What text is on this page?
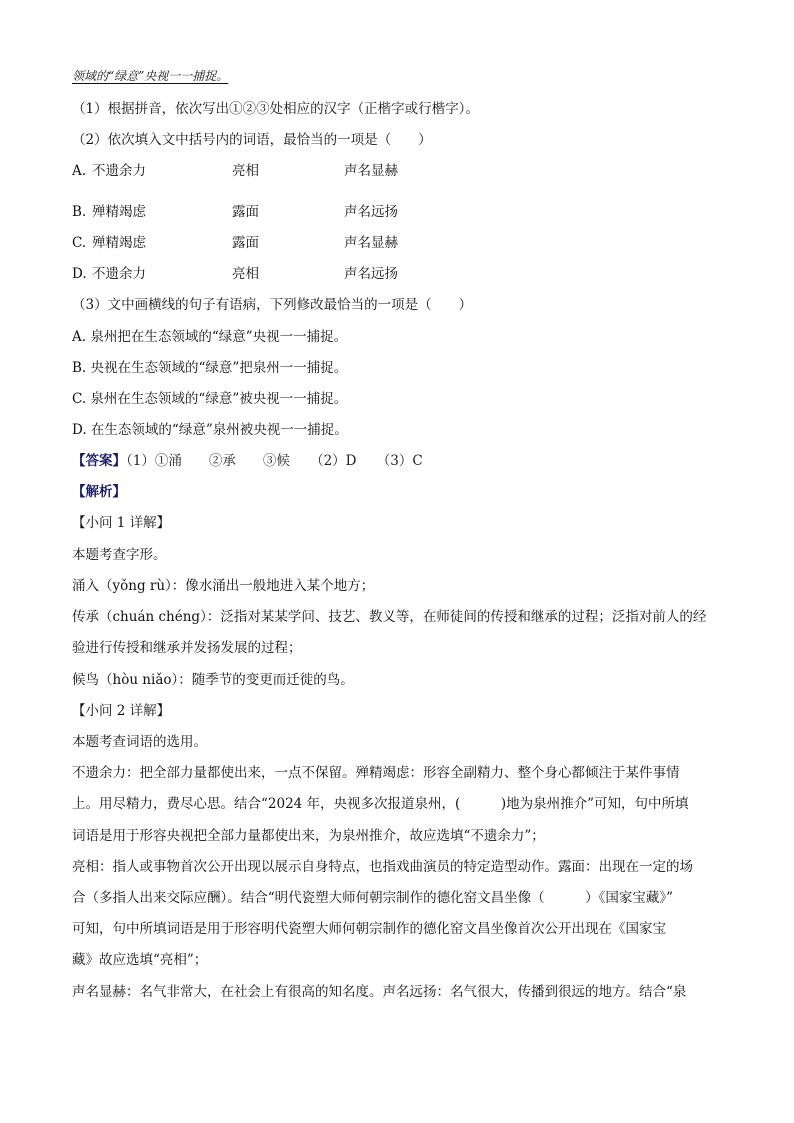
领域的“绿意”央视一一捕捉。
（1）根据拼音，依次写出①②③处相应的汉字（正楷字或行楷字）。
（2）依次填入文中括号内的词语，最恰当的一项是（　　）
A. 不遗余力	亮相	声名显赫
B. 殚精竭虑	露面	声名远扬
C. 殚精竭虑	露面	声名显赫
D. 不遗余力	亮相	声名远扬
（3）文中画横线的句子有语病，下列修改最恰当的一项是（　　）
A. 泉州把在生态领域的“绿意”央视一一捕捉。
B. 央视在生态领域的“绿意”把泉州一一捕捉。
C. 泉州在生态领域的“绿意”被央视一一捕捉。
D. 在生态领域的“绿意”泉州被央视一一捕捉。
【答案】（1）①涌　　②承　　③候　　（2）D　　（3）C
【解析】
【小问 1 详解】
本题考查字形。
涌入（yǒng rù）：像水涌出一般地进入某个地方；
传承（chuán chéng）：泛指对某某学问、技艺、教义等，在师徒间的传授和继承的过程；泛指对前人的经
验进行传授和继承并发扬发展的过程；
候鸟（hòu niǎo）：随季节的变更而迁徙的鸟。
【小问 2 详解】
本题考查词语的选用。
不遗余力：把全部力量都使出来，一点不保留。殚精竭虑：形容全副精力、整个身心都倾注于某件事情
上。用尽精力，费尽心思。结合“2024 年，央视多次报道泉州，(　　　)地为泉州推介”可知，句中所填
词语是用于形容央视把全部力量都使出来，为泉州推介，故应选填“不遗余力”；
亮相：指人或事物首次公开出现以展示自身特点，也指戏曲演员的特定造型动作。露面：出现在一定的场
合（多指人出来交际应酬）。结合“明代瓷塑大师何朝宗制作的德化窑文昌坐像（　　　）《国家宝藏》”
可知，句中所填词语是用于形容明代瓷塑大师何朝宗制作的德化窑文昌坐像首次公开出现在《国家宝
藏》故应选填“亮相”；
声名显赫：名气非常大，在社会上有很高的知名度。声名远扬：名气很大，传播到很远的地方。结合“泉
